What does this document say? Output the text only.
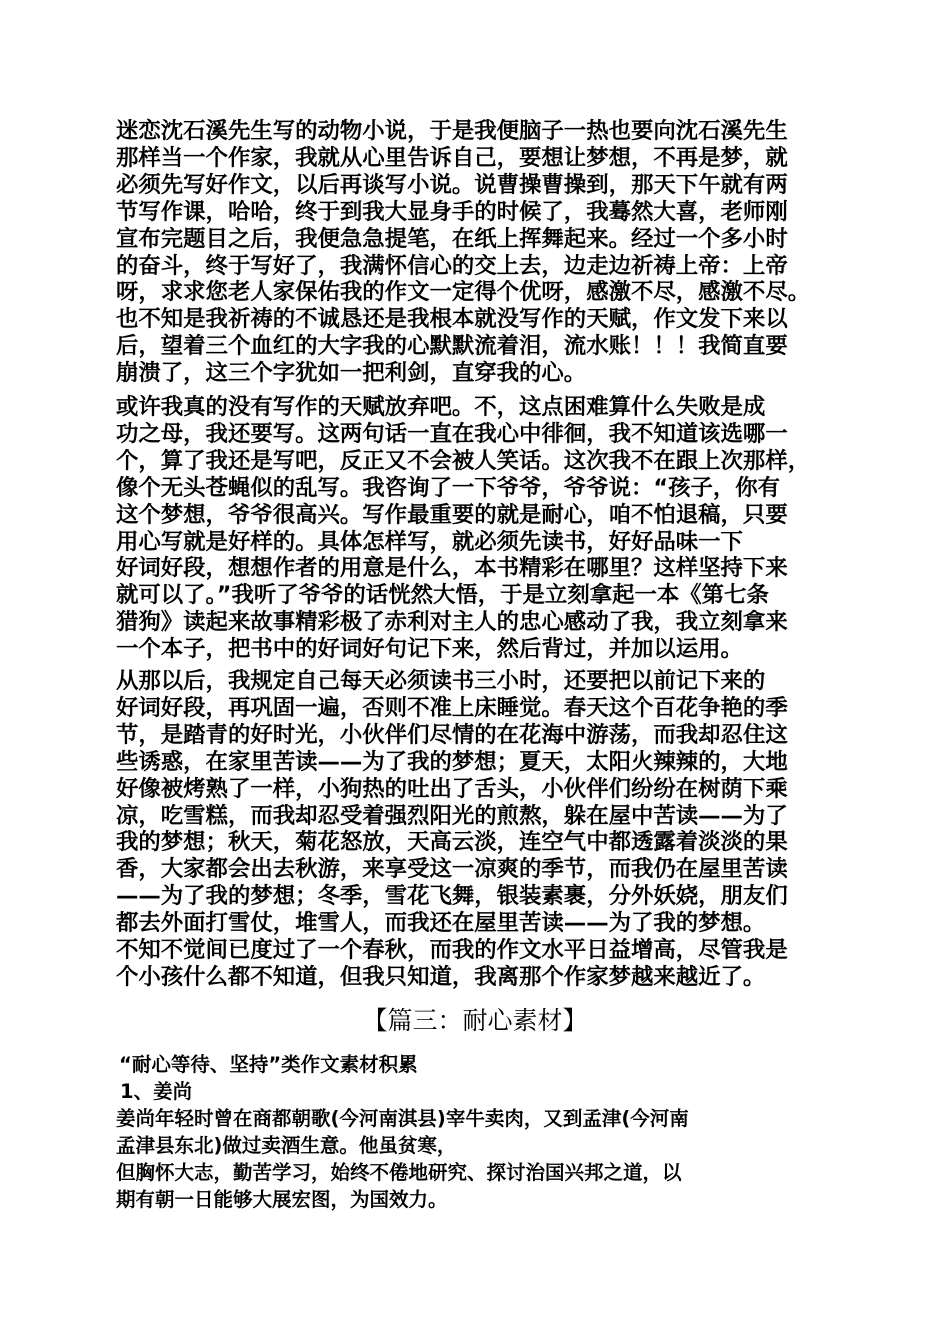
迷恋沈石溪先生写的动物小说，于是我便脑子一热也要向沈石溪先生
那样当一个作家，我就从心里告诉自己，要想让梦想，不再是梦，就
必须先写好作文，以后再谈写小说。说曹操曹操到，那天下午就有两
节写作课，哈哈，终于到我大显身手的时候了，我蓦然大喜，老师刚
宣布完题目之后，我便急急提笔，在纸上挥舞起来。经过一个多小时
的奋斗，终于写好了，我满怀信心的交上去，边走边祈祷上帝：上帝
呀，求求您老人家保佑我的作文一定得个优呀，感激不尽，感激不尽。
也不知是我祈祷的不诚恳还是我根本就没写作的天赋，作文发下来以
后，望着三个血红的大字我的心默默流着泪，流水账！！！我简直要
崩溃了，这三个字犹如一把利剑，直穿我的心。
或许我真的没有写作的天赋放弃吧。不，这点困难算什么失败是成
功之母，我还要写。这两句话一直在我心中徘徊，我不知道该选哪一
个，算了我还是写吧，反正又不会被人笑话。这次我不在跟上次那样，
像个无头苍蝇似的乱写。我咨询了一下爷爷，爷爷说：“孩子，你有
这个梦想，爷爷很高兴。写作最重要的就是耐心，咱不怕退稿，只要
用心写就是好样的。具体怎样写，就必须先读书，好好品味一下
好词好段，想想作者的用意是什么，本书精彩在哪里？这样坚持下来
就可以了。”我听了爷爷的话恍然大悟，于是立刻拿起一本《第七条
猎狗》读起来故事精彩极了赤利对主人的忠心感动了我，我立刻拿来
一个本子，把书中的好词好句记下来，然后背过，并加以运用。
从那以后，我规定自己每天必须读书三小时，还要把以前记下来的
好词好段，再巩固一遍，否则不准上床睡觉。春天这个百花争艳的季
节，是踏青的好时光，小伙伴们尽情的在花海中游荡，而我却忍住这
些诱惑，在家里苦读——为了我的梦想；夏天，太阳火辣辣的，大地
好像被烤熟了一样，小狗热的吐出了舌头，小伙伴们纷纷在树荫下乘
凉，吃雪糕，而我却忍受着强烈阳光的煎熬，躲在屋中苦读——为了
我的梦想；秋天，菊花怒放，天高云淡，连空气中都透露着淡淡的果
香，大家都会出去秋游，来享受这一凉爽的季节，而我仍在屋里苦读
——为了我的梦想；冬季，雪花飞舞，银装素裹，分外妖娆，朋友们
都去外面打雪仗，堆雪人，而我还在屋里苦读——为了我的梦想。
不知不觉间已度过了一个春秋，而我的作文水平日益增高，尽管我是
个小孩什么都不知道，但我只知道，我离那个作家梦越来越近了。
【篇三：耐心素材】
“耐心等待、坚持”类作文素材积累
1、姜尚
姜尚年轻时曾在商都朝歌(今河南淇县)宰牛卖肉，又到孟津(今河南
孟津县东北)做过卖酒生意。他虽贫寒，
但胸怀大志，勤苦学习，始终不倦地研究、探讨治国兴邦之道，以
期有朝一日能够大展宏图，为国效力。
